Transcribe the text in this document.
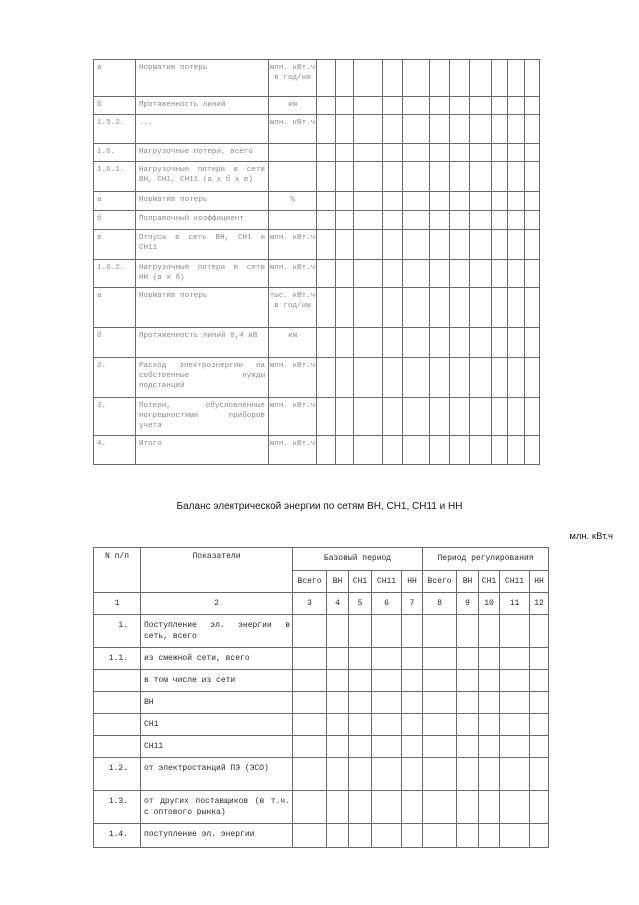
а	Норматив потерь	млн. кВт.ч в год/км											
б	Протяженность линий	км											
1.5.2.	...	млн. кВт.ч											
1.6.	Нагрузочные потери, всего												
1.6.1.	Нагрузочные потери в сети ВН, СН1, СН11 (а x б x в)												
а	Норматив потерь	%											
б	Поправочный коэффициент												
в	Отпуск в сеть ВН, СН1 и СН11	млн. кВт.ч											
1.6.2.	Нагрузочные потери в сети НН (а x б)	млн. кВт.ч											
а	Норматив потерь	тыс. кВт.ч в год/км											
б	Протяженность линий 0,4 кВ	км											
2.	Расход электроэнергии на собственные нужды подстанций	млн. кВт.ч											
3.	Потери, обусловленные погрешностями приборов учета	млн. кВт.ч											
4.	Итого	млн. кВт.ч											
Баланс электрической энергии по сетям ВН, СН1, СН11 и НН
млн. кВт.ч
N п/п	Показатели	Базовый период					Период регулирования				
		Всего	ВН	СН1	СН11	НН	Всего	ВН	СН1	СН11	НН
1	2	3	4	5	6	7	8	9	10	11	12
1.	Поступление эл. энергии в сеть, всего										
1.1.	из смежной сети, всего										
	в том числе из сети										
	ВН										
	СН1										
	СН11										
1.2.	от электростанций ПЭ (ЭСО)										
1.3.	от других поставщиков (в т.ч. с оптового рынка)										
1.4.	поступление эл. энергии										
